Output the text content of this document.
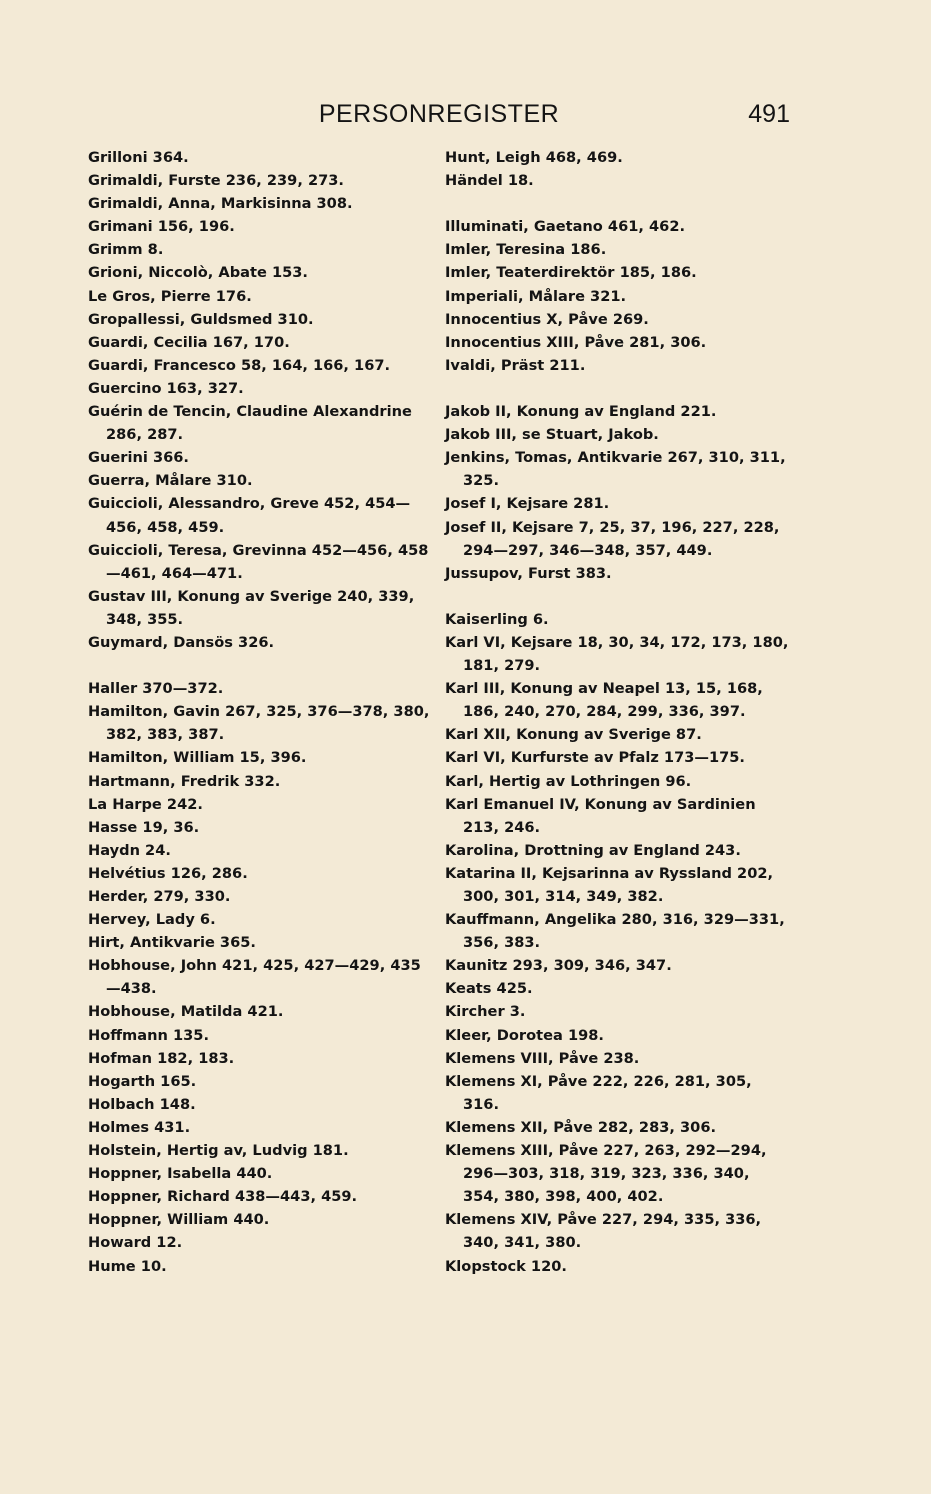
PERSONREGISTER	491
Grilloni 364.
Grimaldi, Furste 236, 239, 273.
Grimaldi, Anna, Markisinna 308.
Grimani 156, 196.
Grimm 8.
Grioni, Niccolò, Abate 153.
Le Gros, Pierre 176.
Gropallessi, Guldsmed 310.
Guardi, Cecilia 167, 170.
Guardi, Francesco 58, 164, 166, 167.
Guercino 163, 327.
Guérin de Tencin, Claudine Alexandrine 286, 287.
Guerini 366.
Guerra, Målare 310.
Guiccioli, Alessandro, Greve 452, 454—456, 458, 459.
Guiccioli, Teresa, Grevinna 452—456, 458—461, 464—471.
Gustav III, Konung av Sverige 240, 339, 348, 355.
Guymard, Dansös 326.
Haller 370—372.
Hamilton, Gavin 267, 325, 376—378, 380, 382, 383, 387.
Hamilton, William 15, 396.
Hartmann, Fredrik 332.
La Harpe 242.
Hasse 19, 36.
Haydn 24.
Helvétius 126, 286.
Herder, 279, 330.
Hervey, Lady 6.
Hirt, Antikvarie 365.
Hobhouse, John 421, 425, 427—429, 435—438.
Hobhouse, Matilda 421.
Hoffmann 135.
Hofman 182, 183.
Hogarth 165.
Holbach 148.
Holmes 431.
Holstein, Hertig av, Ludvig 181.
Hoppner, Isabella 440.
Hoppner, Richard 438—443, 459.
Hoppner, William 440.
Howard 12.
Hume 10.
Hunt, Leigh 468, 469.
Händel 18.
Illuminati, Gaetano 461, 462.
Imler, Teresina 186.
Imler, Teaterdirektör 185, 186.
Imperiali, Målare 321.
Innocentius X, Påve 269.
Innocentius XIII, Påve 281, 306.
Ivaldi, Präst 211.
Jakob II, Konung av England 221.
Jakob III, se Stuart, Jakob.
Jenkins, Tomas, Antikvarie 267, 310, 311, 325.
Josef I, Kejsare 281.
Josef II, Kejsare 7, 25, 37, 196, 227, 228, 294—297, 346—348, 357, 449.
Jussupov, Furst 383.
Kaiserling 6.
Karl VI, Kejsare 18, 30, 34, 172, 173, 180, 181, 279.
Karl III, Konung av Neapel 13, 15, 168, 186, 240, 270, 284, 299, 336, 397.
Karl XII, Konung av Sverige 87.
Karl VI, Kurfurste av Pfalz 173—175.
Karl, Hertig av Lothringen 96.
Karl Emanuel IV, Konung av Sardinien 213, 246.
Karolina, Drottning av England 243.
Katarina II, Kejsarinna av Ryssland 202, 300, 301, 314, 349, 382.
Kauffmann, Angelika 280, 316, 329—331, 356, 383.
Kaunitz 293, 309, 346, 347.
Keats 425.
Kircher 3.
Kleer, Dorotea 198.
Klemens VIII, Påve 238.
Klemens XI, Påve 222, 226, 281, 305, 316.
Klemens XII, Påve 282, 283, 306.
Klemens XIII, Påve 227, 263, 292—294, 296—303, 318, 319, 323, 336, 340, 354, 380, 398, 400, 402.
Klemens XIV, Påve 227, 294, 335, 336, 340, 341, 380.
Klopstock 120.
